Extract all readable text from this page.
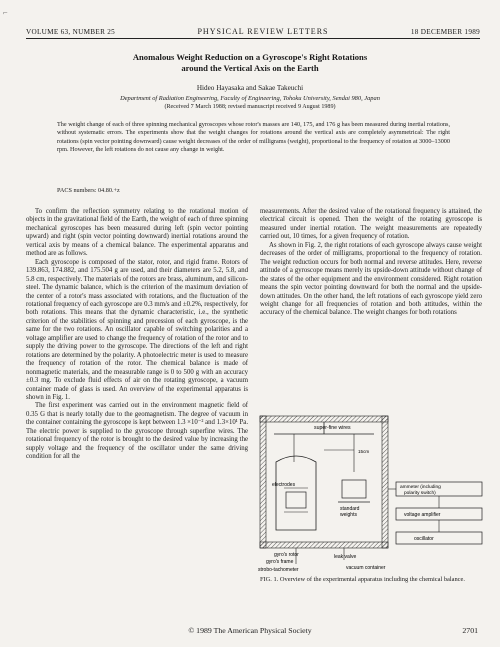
⌐
VOLUME 63, NUMBER 25	PHYSICAL REVIEW LETTERS	18 DECEMBER 1989
Anomalous Weight Reduction on a Gyroscope's Right Rotations
around the Vertical Axis on the Earth
Hideo Hayasaka and Sakae Takeuchi
Department of Radiation Engineering, Faculty of Engineering, Tohoku University, Sendai 980, Japan
(Received 7 March 1988; revised manuscript received 9 August 1989)
The weight change of each of three spinning mechanical gyroscopes whose rotor's masses are 140, 175, and 176 g has been measured during inertial rotations, without systematic errors. The experiments show that the weight changes for rotations around the vertical axis are completely asymmetrical: The right rotations (spin vector pointing downward) cause weight decreases of the order of milligrams (weight), proportional to the frequency of rotation at 3000–13000 rpm. However, the left rotations do not cause any change in weight.
PACS numbers: 04.80.+z

To confirm the reflection symmetry relating to the rotational motion of objects in the gravitational field of the Earth, the weight of each of three spinning mechanical gyroscopes has been measured during left (spin vector pointing upward) and right (spin vector pointing downward) inertial rotations around the vertical axis by means of a chemical balance. The experimental apparatus and method are as follows.

Each gyroscope is composed of the stator, rotor, and rigid frame. Rotors of 139.863, 174.882, and 175.504 g are used, and their diameters are 5.2, 5.8, and 5.8 cm, respectively. The materials of the rotors are brass, aluminum, and silicon-steel. The dynamic balance, which is the criterion of the maximum deviation of the center of a rotor's mass associated with rotations, and the fluctuation of the rotational frequency of each gyroscope are 0.3 mm/s and ±0.2%, respectively, for both rotations. This means that the dynamic characteristic, i.e., the synthetic criterion of the stabilities of spinning and precession of each gyroscope, is the same for the two rotations. An oscillator capable of switching polarities and a voltage amplifier are used to change the frequency of rotation of the rotor and to supply the driving power to the gyroscope. The directions of the left and right rotations are determined by the polarity. A photoelectric meter is used to measure the frequency of rotation of the rotor. The chemical balance is made of nonmagnetic materials, and the measurable range is 0 to 500 g with an accuracy ±0.3 mg. To exclude fluid effects of air on the rotating gyroscope, a vacuum container made of glass is used. An overview of the experimental apparatus is shown in Fig. 1.

The first experiment was carried out in the environment magnetic field of 0.35 G that is nearly totally due to the geomagnetism. The degree of vacuum in the container containing the gyroscope is kept between 1.3 ×10⁻² and 1.3×10¹ Pa. The electric power is supplied to the gyroscope through superfine wires. The rotational frequency of the rotor is brought to the desired value by increasing the supply voltage and the frequency of the oscillator under the same driving condition for all the

measurements. After the desired value of the rotational frequency is attained, the electrical circuit is opened. Then the weight of the rotating gyroscope is measured under inertial rotation. The weight measurements are repeatedly carried out, 10 times, for a given frequency of rotation.

As shown in Fig. 2, the right rotations of each gyroscope always cause weight decreases of the order of milligrams, proportional to the frequency of rotation. The weight reduction occurs for both normal and reverse attitudes. Here, reverse attitude of a gyroscope means merely its upside-down attitude without change of the states of the other equipment and the environment considered. Right rotation means the spin vector pointing downward for both the normal and the upside-down attitudes. On the other hand, the left rotations of each gyroscope yield zero weight change for all frequencies of rotation and both attitudes, within the accuracy of the chemical balance. The weight changes for both rotations

super-fine wires
15cm
electrodes
standard
weights
ammeter (including
polarity switch)
voltage amplifier
oscillator
gyro's rotor
gyro's frame
leak valve
strobo-tachometer	vacuum container
FIG. 1. Overview of the experimental apparatus including the chemical balance.
© 1989 The American Physical Society	2701
